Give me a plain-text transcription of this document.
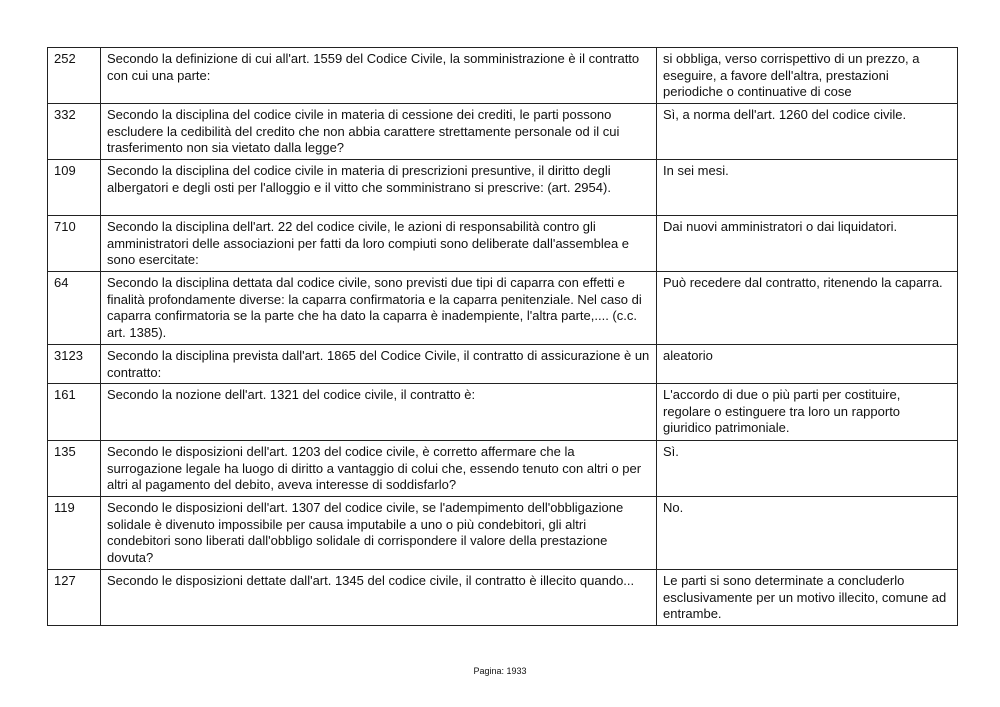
252	Secondo la definizione di cui all'art. 1559 del Codice Civile, la somministrazione è il contratto con cui una parte:	si obbliga, verso corrispettivo di un prezzo, a eseguire, a favore dell'altra, prestazioni periodiche o continuative di cose
332	Secondo la disciplina del codice civile in materia di cessione dei crediti, le parti possono escludere la cedibilità del credito che non abbia carattere strettamente personale od il cui trasferimento non sia vietato dalla legge?	Sì, a norma dell'art. 1260 del codice civile.
109	Secondo la disciplina del codice civile in materia di prescrizioni presuntive, il diritto degli albergatori e degli osti per l'alloggio e il vitto che somministrano si prescrive: (art. 2954).	In sei mesi.
710	Secondo la disciplina dell'art. 22 del codice civile, le azioni di responsabilità contro gli amministratori delle associazioni per fatti da loro compiuti sono deliberate dall'assemblea e sono esercitate:	Dai nuovi amministratori o dai liquidatori.
64	Secondo la disciplina dettata dal codice civile, sono previsti due tipi di caparra con effetti e finalità profondamente diverse: la caparra confirmatoria e la caparra penitenziale. Nel caso di caparra confirmatoria se la parte che ha dato la caparra è inadempiente, l'altra parte,.... (c.c. art. 1385).	Può recedere dal contratto, ritenendo la caparra.
3123	Secondo la disciplina prevista dall'art. 1865 del Codice Civile, il contratto di assicurazione è un contratto:	aleatorio
161	Secondo la nozione dell'art. 1321 del codice civile, il contratto è:	L'accordo di due o più parti per costituire, regolare o estinguere tra loro un rapporto giuridico patrimoniale.
135	Secondo le disposizioni dell'art. 1203 del codice civile, è corretto affermare che la surrogazione legale ha luogo di diritto a vantaggio di colui che, essendo tenuto con altri o per altri al pagamento del debito, aveva interesse di soddisfarlo?	Sì.
119	Secondo le disposizioni dell'art. 1307 del codice civile, se l'adempimento dell'obbligazione solidale è divenuto impossibile per causa imputabile a uno o più condebitori, gli altri condebitori sono liberati dall'obbligo solidale di corrispondere il valore della prestazione dovuta?	No.
127	Secondo le disposizioni dettate dall'art. 1345 del codice civile, il contratto è illecito quando...	Le parti si sono determinate a concluderlo esclusivamente per un motivo illecito, comune ad entrambe.
Pagina: 1933
